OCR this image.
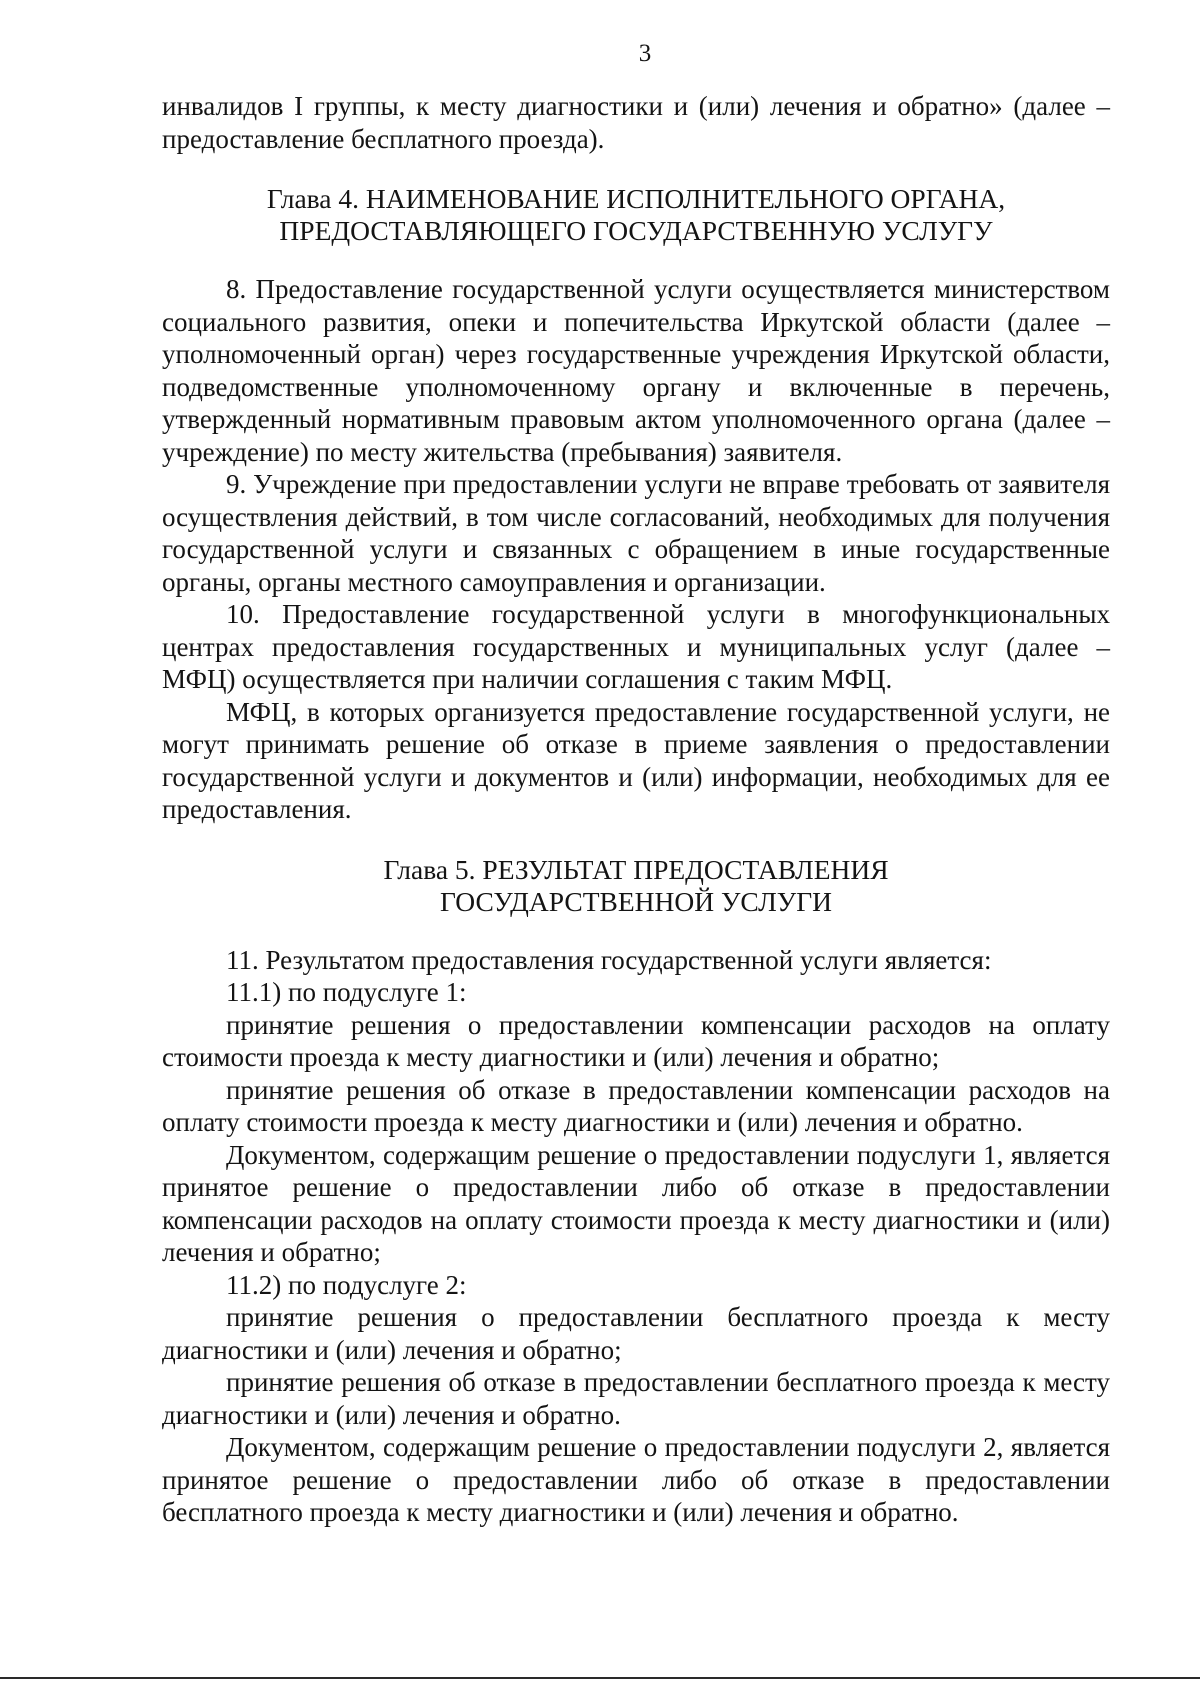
3

инвалидов I группы, к месту диагностики и (или) лечения и обратно» (далее – предоставление бесплатного проезда).

Глава 4. НАИМЕНОВАНИЕ ИСПОЛНИТЕЛЬНОГО ОРГАНА,
ПРЕДОСТАВЛЯЮЩЕГО ГОСУДАРСТВЕННУЮ УСЛУГУ

8. Предоставление государственной услуги осуществляется министерством социального развития, опеки и попечительства Иркутской области (далее – уполномоченный орган) через государственные учреждения Иркутской области, подведомственные уполномоченному органу и включенные в перечень, утвержденный нормативным правовым актом уполномоченного органа (далее – учреждение) по месту жительства (пребывания) заявителя.

9. Учреждение при предоставлении услуги не вправе требовать от заявителя осуществления действий, в том числе согласований, необходимых для получения государственной услуги и связанных с обращением в иные государственные органы, органы местного самоуправления и организации.

10. Предоставление государственной услуги в многофункциональных центрах предоставления государственных и муниципальных услуг (далее – МФЦ) осуществляется при наличии соглашения с таким МФЦ.

МФЦ, в которых организуется предоставление государственной услуги, не могут принимать решение об отказе в приеме заявления о предоставлении государственной услуги и документов и (или) информации, необходимых для ее предоставления.

Глава 5. РЕЗУЛЬТАТ ПРЕДОСТАВЛЕНИЯ
ГОСУДАРСТВЕННОЙ УСЛУГИ

11. Результатом предоставления государственной услуги является:

11.1) по подуслуге 1:

принятие решения о предоставлении компенсации расходов на оплату стоимости проезда к месту диагностики и (или) лечения и обратно;

принятие решения об отказе в предоставлении компенсации расходов на оплату стоимости проезда к месту диагностики и (или) лечения и обратно.

Документом, содержащим решение о предоставлении подуслуги 1, является принятое решение о предоставлении либо об отказе в предоставлении компенсации расходов на оплату стоимости проезда к месту диагностики и (или) лечения и обратно;

11.2) по подуслуге 2:

принятие решения о предоставлении бесплатного проезда к месту диагностики и (или) лечения и обратно;

принятие решения об отказе в предоставлении бесплатного проезда к месту диагностики и (или) лечения и обратно.

Документом, содержащим решение о предоставлении подуслуги 2, является принятое решение о предоставлении либо об отказе в предоставлении бесплатного проезда к месту диагностики и (или) лечения и обратно.
